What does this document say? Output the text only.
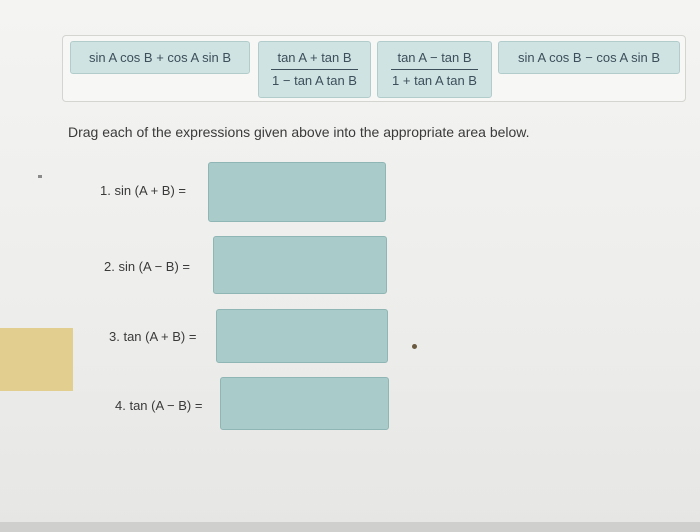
sin A cos B + cos A sin B $\frac{\text{tan A + tan B}}{\text{1 − tan A tan B}} \frac{\text{tan A − tan B}}{\text{1 + tan A tan B}}$ sin A cos B − cos A sin B
Drag each of the expressions given above into the appropriate area below.
1. sin (A + B) =
2. sin (A − B) =
3. tan (A + B) =
4. tan (A − B) =
